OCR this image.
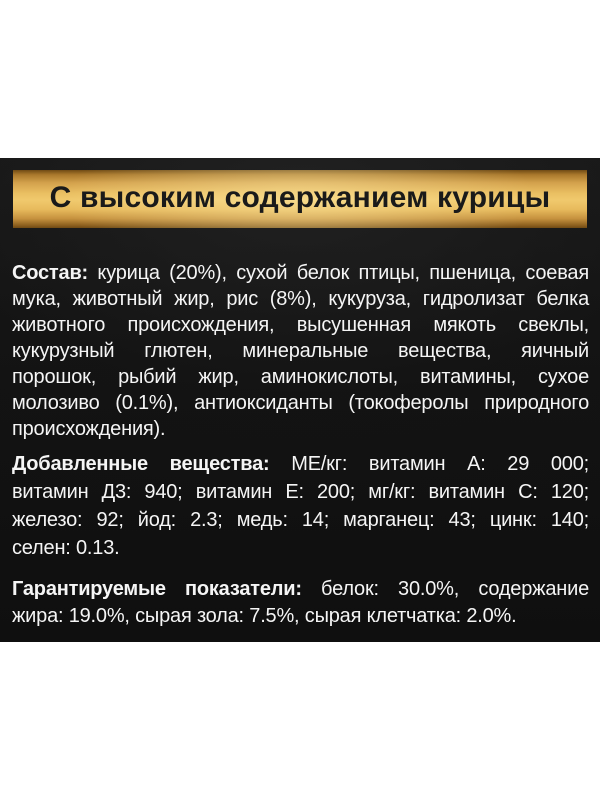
С высоким содержанием курицы
Состав: курица (20%), сухой белок птицы, пшеница, соевая
мука, животный жир, рис (8%), кукуруза, гидролизат белка
животного происхождения, высушенная мякоть свеклы,
кукурузный глютен, минеральные вещества, яичный
порошок, рыбий жир, аминокислоты, витамины, сухое
молозиво (0.1%), антиоксиданты (токоферолы природного
происхождения).
Добавленные вещества: МЕ/кг: витамин А: 29 000;
витамин Д3: 940; витамин Е: 200; мг/кг: витамин С: 120;
железо: 92; йод: 2.3; медь: 14; марганец: 43; цинк: 140;
селен: 0.13.
Гарантируемые показатели: белок: 30.0%, содержание
жира: 19.0%, сырая зола: 7.5%, сырая клетчатка: 2.0%.
